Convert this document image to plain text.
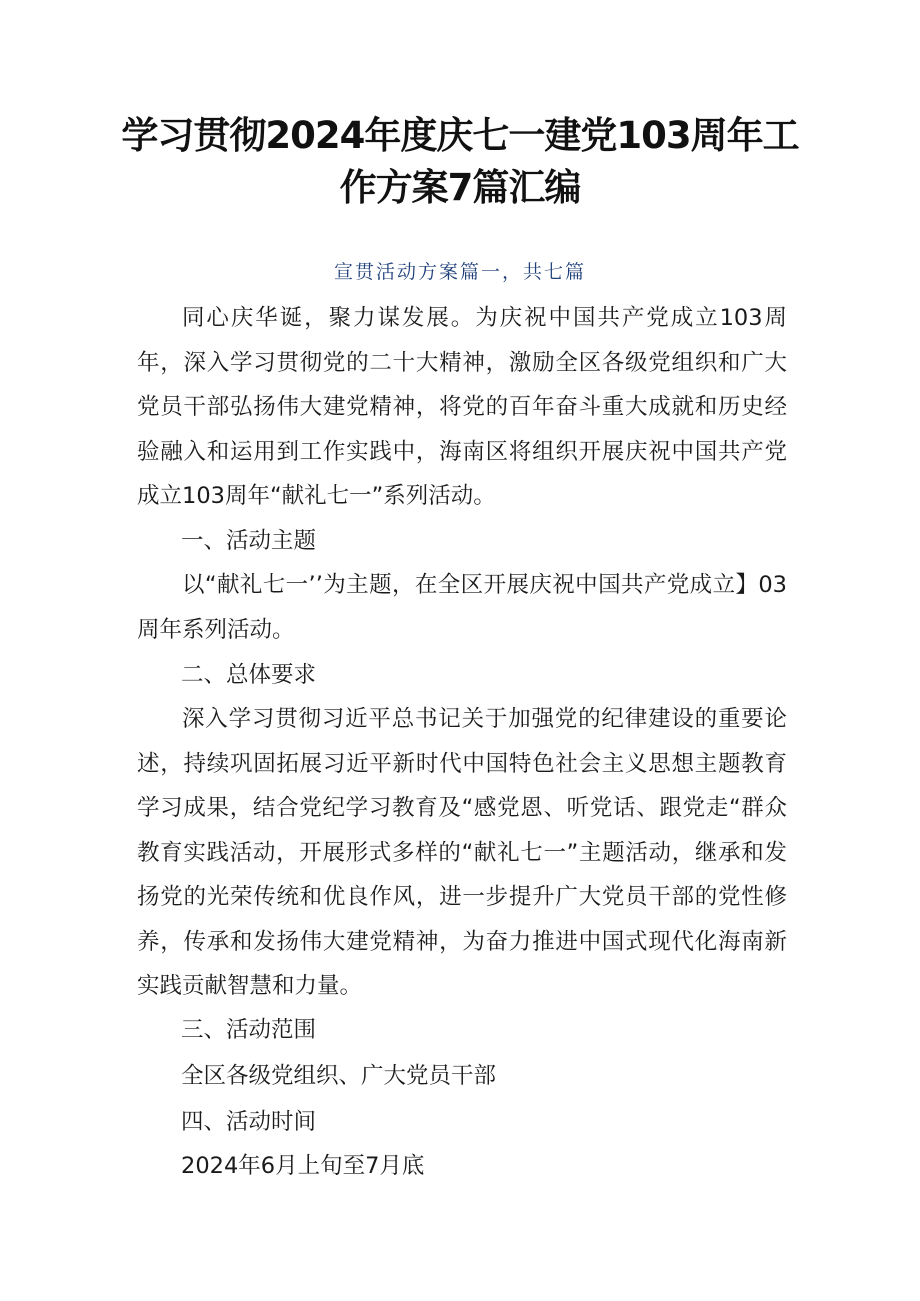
学习贯彻2024年度庆七一建党103周年工
作方案7篇汇编

宣贯活动方案篇一，共七篇

同心庆华诞，聚力谋发展。为庆祝中国共产党成立103周年，深入学习贯彻党的二十大精神，激励全区各级党组织和广大党员干部弘扬伟大建党精神，将党的百年奋斗重大成就和历史经验融入和运用到工作实践中，海南区将组织开展庆祝中国共产党成立103周年“献礼七一”系列活动。

一、活动主题

以“献礼七一’’为主题，在全区开展庆祝中国共产党成立】03周年系列活动。

二、总体要求

深入学习贯彻习近平总书记关于加强党的纪律建设的重要论述，持续巩固拓展习近平新时代中国特色社会主义思想主题教育学习成果，结合党纪学习教育及“感党恩、听党话、跟党走“群众教育实践活动，开展形式多样的“献礼七一”主题活动，继承和发扬党的光荣传统和优良作风，进一步提升广大党员干部的党性修养，传承和发扬伟大建党精神，为奋力推进中国式现代化海南新实践贡献智慧和力量。

三、活动范围

全区各级党组织、广大党员干部

四、活动时间

2024年6月上旬至7月底
